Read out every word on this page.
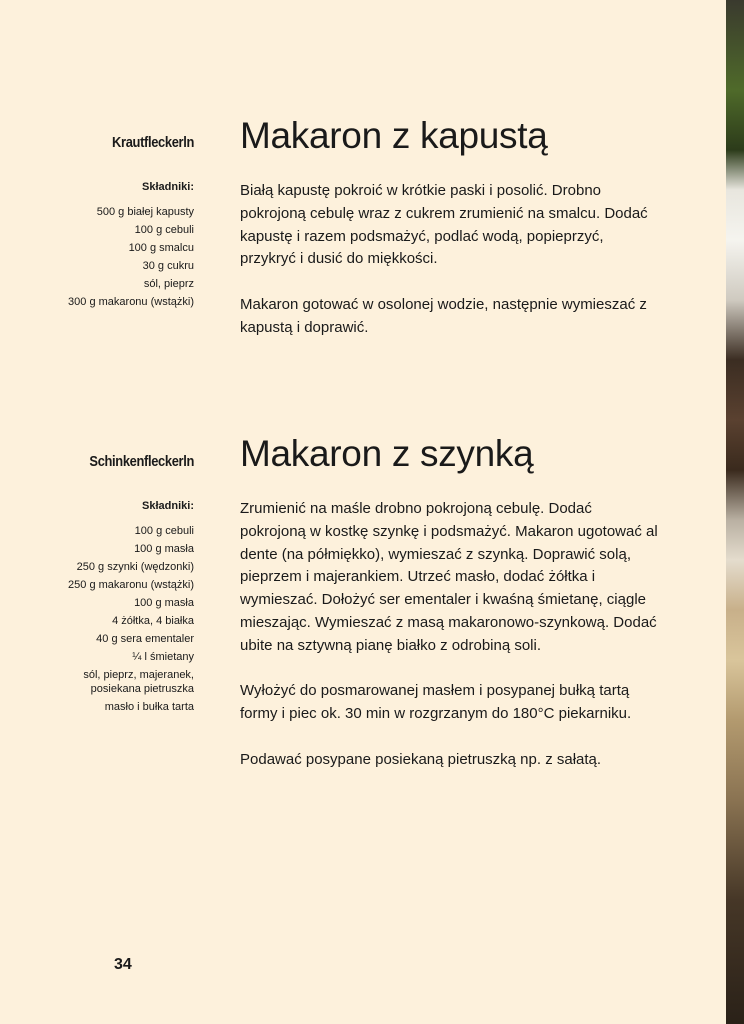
Krautfleckerln
Składniki:
500 g białej kapusty
100 g cebuli
100 g smalcu
30 g cukru
sól, pieprz
300 g makaronu (wstążki)
Makaron z kapustą

Białą kapustę pokroić w krótkie paski i posolić. Drobno pokrojoną cebulę wraz z cukrem zrumienić na smalcu. Dodać kapustę i razem podsmażyć, podlać wodą, popieprzyć, przykryć i dusić do miękkości.

Makaron gotować w osolonej wodzie, następnie wymieszać z kapustą i doprawić.

Schinkenfleckerln
Składniki:
100 g cebuli
100 g masła
250 g szynki (wędzonki)
250 g makaronu (wstążki)
100 g masła
4 żółtka, 4 białka
40 g sera ementaler
¼ l śmietany
sól, pieprz, majeranek, posiekana pietruszka
masło i bułka tarta
Makaron z szynką

Zrumienić na maśle drobno pokrojoną cebulę. Dodać pokrojoną w kostkę szynkę i podsmażyć. Makaron ugotować al dente (na półmiękko), wymieszać z szynką. Doprawić solą, pieprzem i majerankiem. Utrzeć masło, dodać żółtka i wymieszać. Dołożyć ser ementaler i kwaśną śmietanę, ciągle mieszając. Wymieszać z masą makaronowo-szynkową. Dodać ubite na sztywną pianę białko z odrobiną soli.

Wyłożyć do posmarowanej masłem i posypanej bułką tartą formy i piec ok. 30 min w rozgrzanym do 180°C piekarniku.

Podawać posypane posiekaną pietruszką np. z sałatą.

34
